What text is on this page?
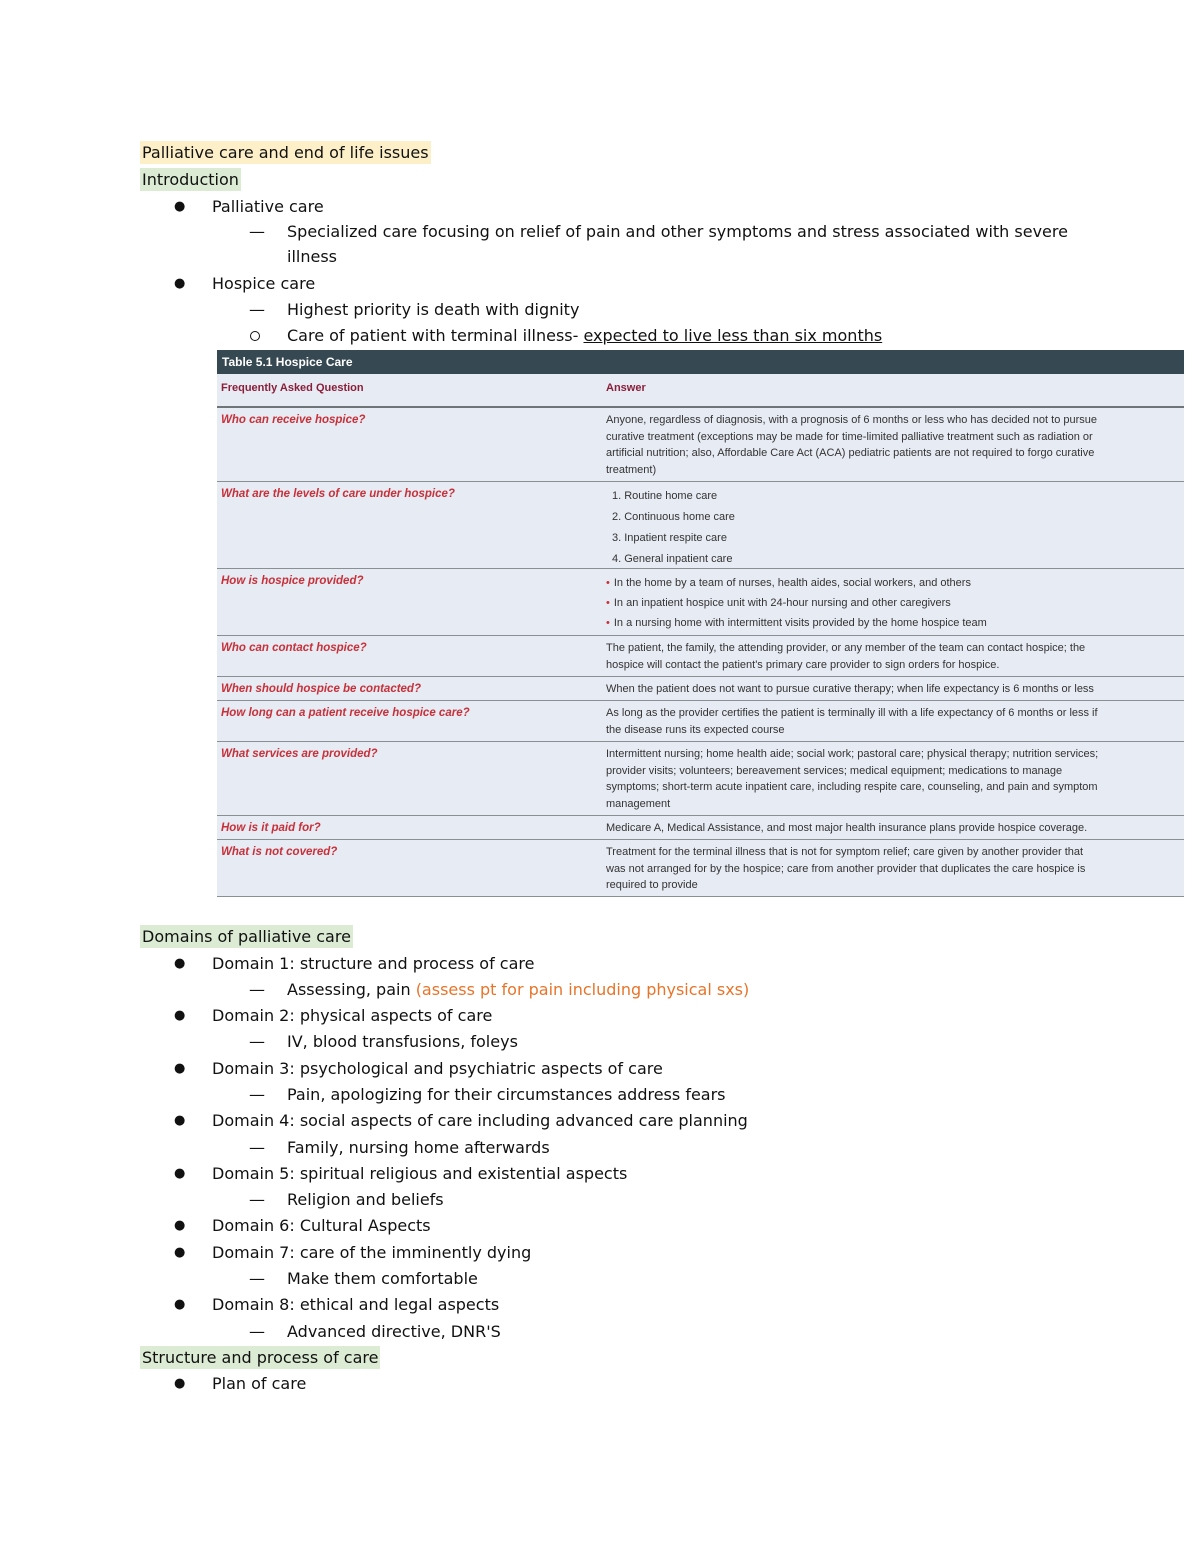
Palliative care and end of life issues
Introduction
● Palliative care
— Specialized care focusing on relief of pain and other symptoms and stress associated with severe
illness
● Hospice care
— Highest priority is death with dignity
Care of patient with terminal illness- expected to live less than six months
Table 5.1 Hospice Care
Frequently Asked Question	Answer
Who can receive hospice?	Anyone, regardless of diagnosis, with a prognosis of 6 months or less who has decided not to pursue
curative treatment (exceptions may be made for time-limited palliative treatment such as radiation or
artificial nutrition; also, Affordable Care Act (ACA) pediatric patients are not required to forgo curative
treatment)
What are the levels of care under hospice?	1. Routine home care
2. Continuous home care
3. Inpatient respite care
4. General inpatient care
How is hospice provided?	• In the home by a team of nurses, health aides, social workers, and others
• In an inpatient hospice unit with 24-hour nursing and other caregivers
• In a nursing home with intermittent visits provided by the home hospice team
Who can contact hospice?	The patient, the family, the attending provider, or any member of the team can contact hospice; the
hospice will contact the patient's primary care provider to sign orders for hospice.
When should hospice be contacted?	When the patient does not want to pursue curative therapy; when life expectancy is 6 months or less
How long can a patient receive hospice care?	As long as the provider certifies the patient is terminally ill with a life expectancy of 6 months or less if
the disease runs its expected course
What services are provided?	Intermittent nursing; home health aide; social work; pastoral care; physical therapy; nutrition services;
provider visits; volunteers; bereavement services; medical equipment; medications to manage
symptoms; short-term acute inpatient care, including respite care, counseling, and pain and symptom
management
How is it paid for?	Medicare A, Medical Assistance, and most major health insurance plans provide hospice coverage.
What is not covered?	Treatment for the terminal illness that is not for symptom relief; care given by another provider that
was not arranged for by the hospice; care from another provider that duplicates the care hospice is
required to provide
Domains of palliative care
● Domain 1: structure and process of care
— Assessing, pain (assess pt for pain including physical sxs)
● Domain 2: physical aspects of care
— IV, blood transfusions, foleys
● Domain 3: psychological and psychiatric aspects of care
— Pain, apologizing for their circumstances address fears
● Domain 4: social aspects of care including advanced care planning
— Family, nursing home afterwards
● Domain 5: spiritual religious and existential aspects
— Religion and beliefs
● Domain 6: Cultural Aspects
● Domain 7: care of the imminently dying
— Make them comfortable
● Domain 8: ethical and legal aspects
— Advanced directive, DNR'S
Structure and process of care
● Plan of care
